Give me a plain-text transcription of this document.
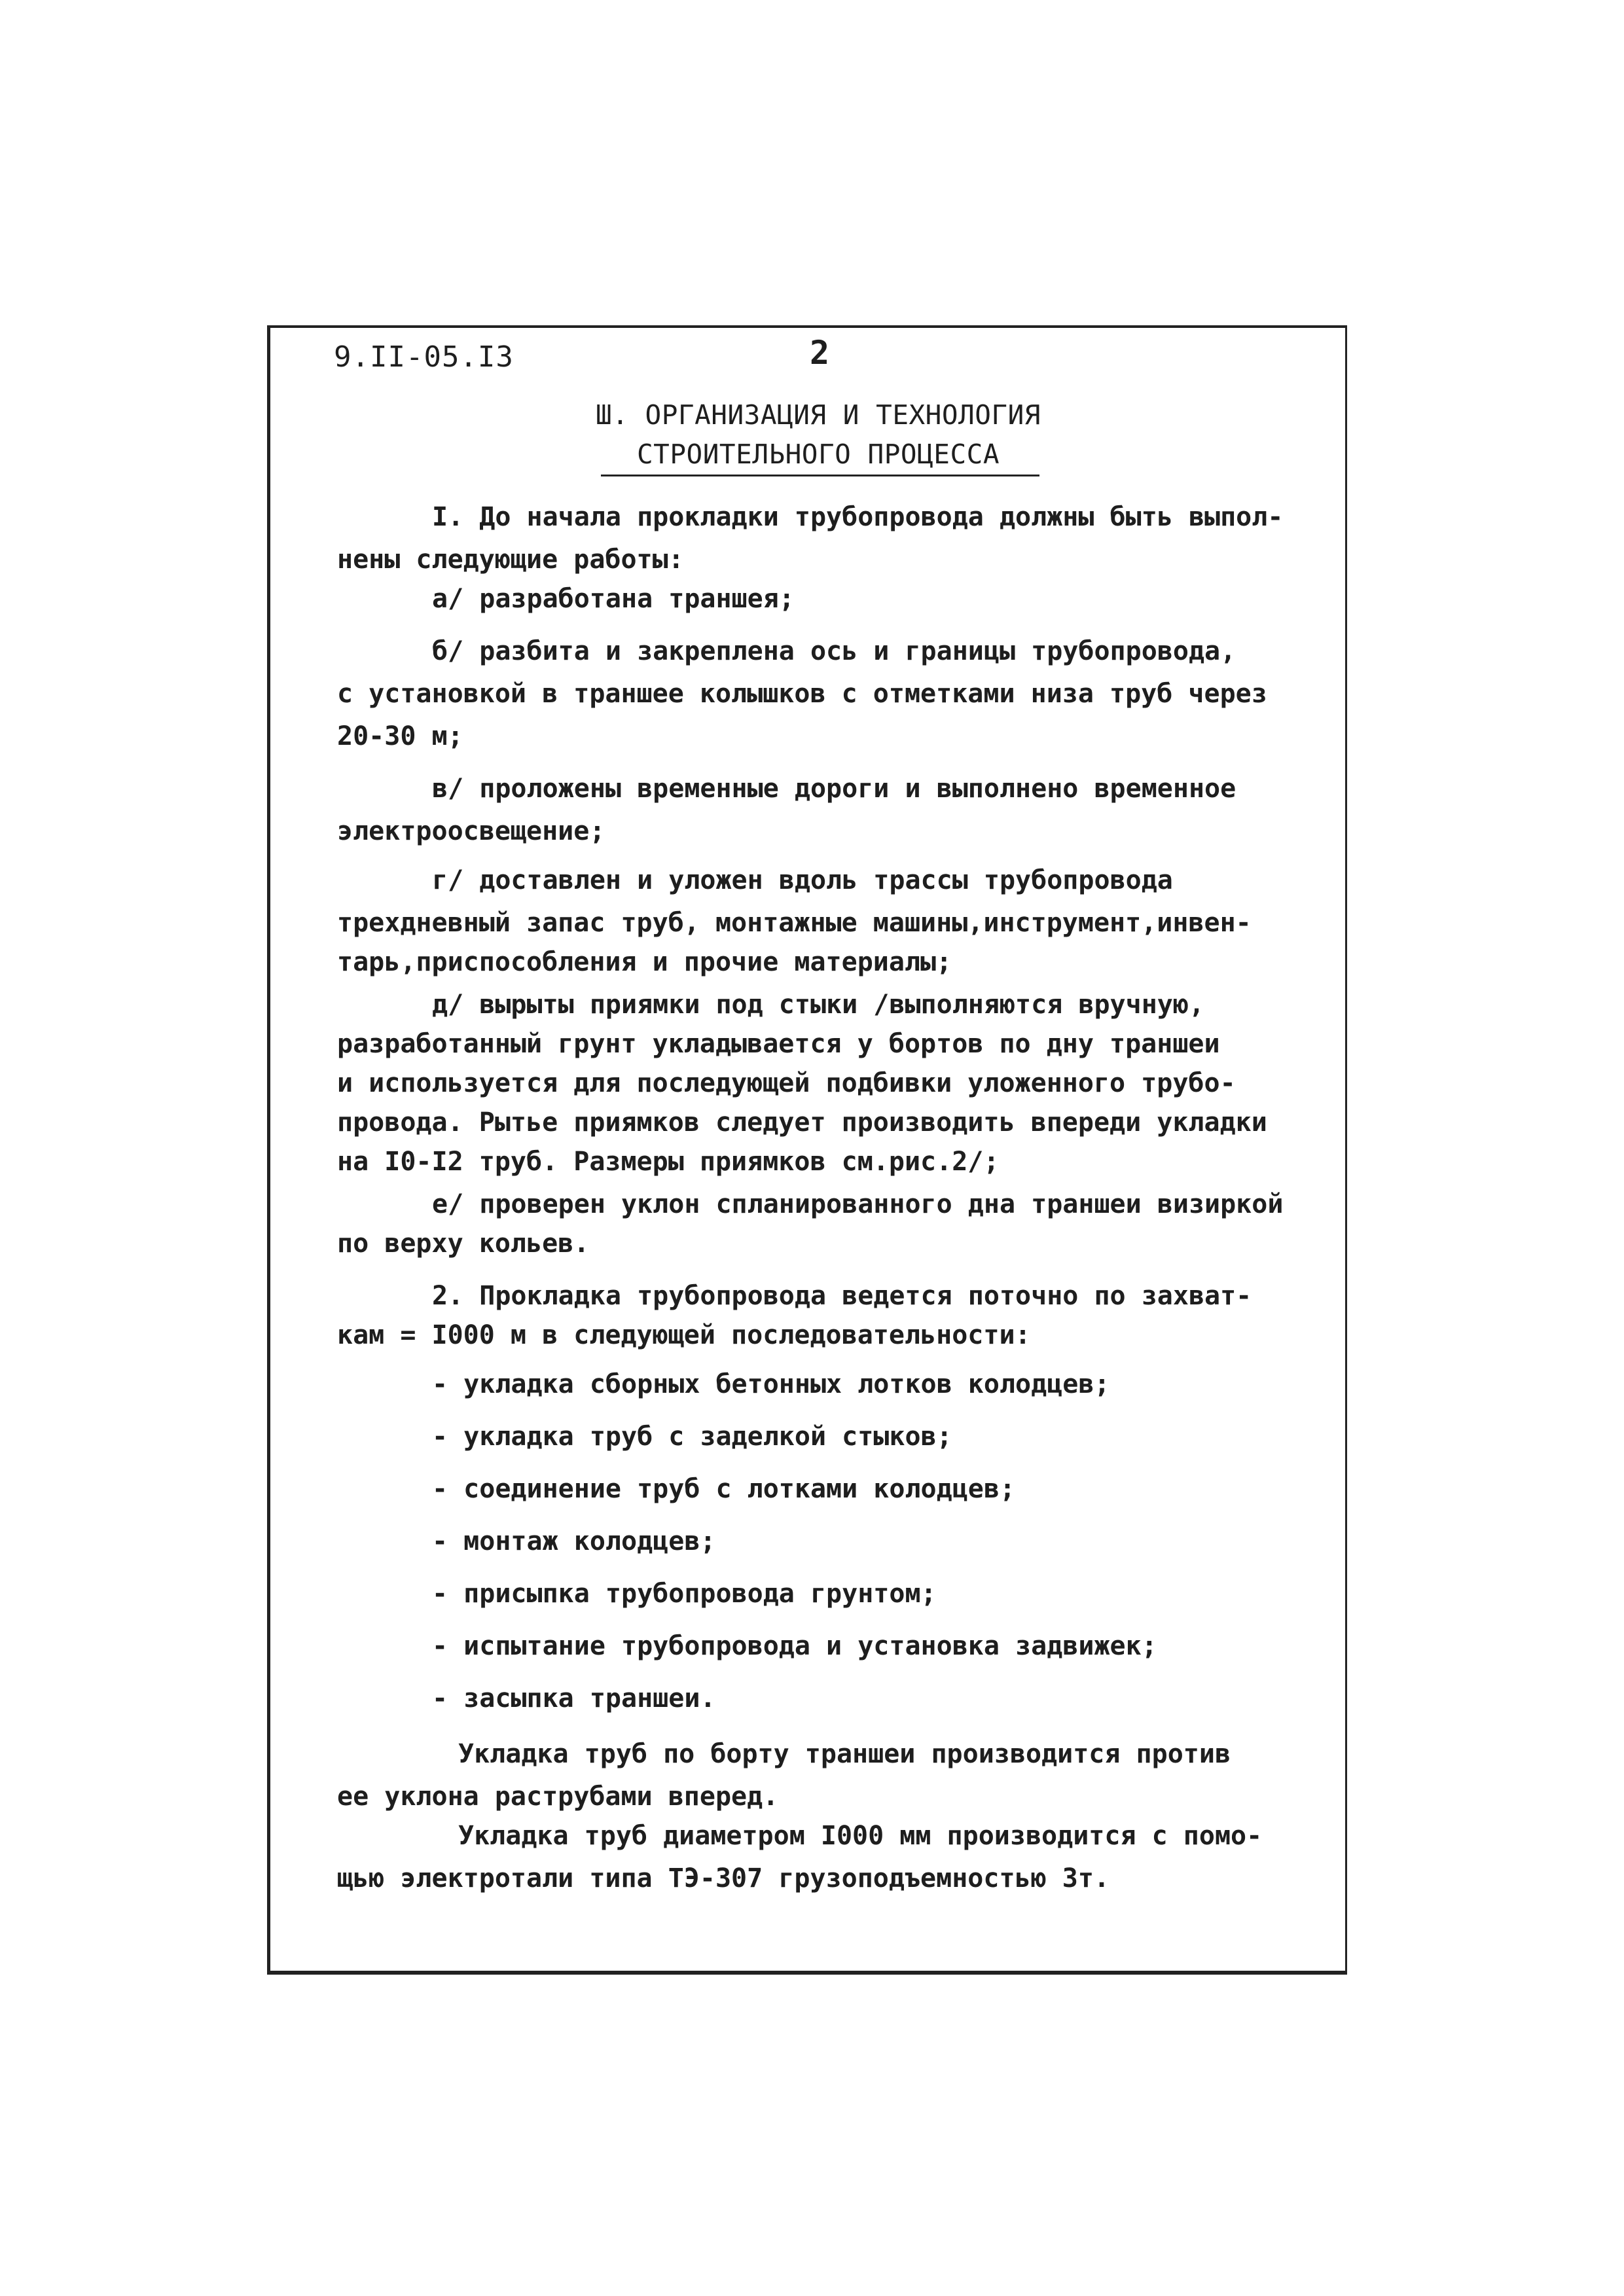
9.II-05.I3	2
Ш. ОРГАНИЗАЦИЯ И ТЕХНОЛОГИЯ
СТРОИТЕЛЬНОГО ПРОЦЕССА
I. До начала прокладки трубопровода должны быть выпол-
нены следующие работы:
а/ разработана траншея;
б/ разбита и закреплена ось и границы трубопровода,
с установкой в траншее колышков с отметками низа труб через
20-30 м;
в/ проложены временные дороги и выполнено временное
электроосвещение;
г/ доставлен и уложен вдоль трассы трубопровода
трехдневный запас труб, монтажные машины,инструмент,инвен-
тарь,приспособления и прочие материалы;
д/ вырыты приямки под стыки /выполняются вручную,
разработанный грунт укладывается у бортов по дну траншеи
и используется для последующей подбивки уложенного трубо-
провода. Рытье приямков следует производить впереди укладки
на I0-I2 труб. Размеры приямков см.рис.2/;
е/ проверен уклон спланированного дна траншеи визиркой
по верху кольев.
2. Прокладка трубопровода ведется поточно по захват-
кам = I000 м в следующей последовательности:
- укладка сборных бетонных лотков колодцев;
- укладка труб с заделкой стыков;
- соединение труб с лотками колодцев;
- монтаж колодцев;
- присыпка трубопровода грунтом;
- испытание трубопровода и установка задвижек;
- засыпка траншеи.
Укладка труб по борту траншеи производится против
ее уклона раструбами вперед.
Укладка труб диаметром I000 мм производится с помо-
щью электротали типа ТЭ-307 грузоподъемностью 3т.
